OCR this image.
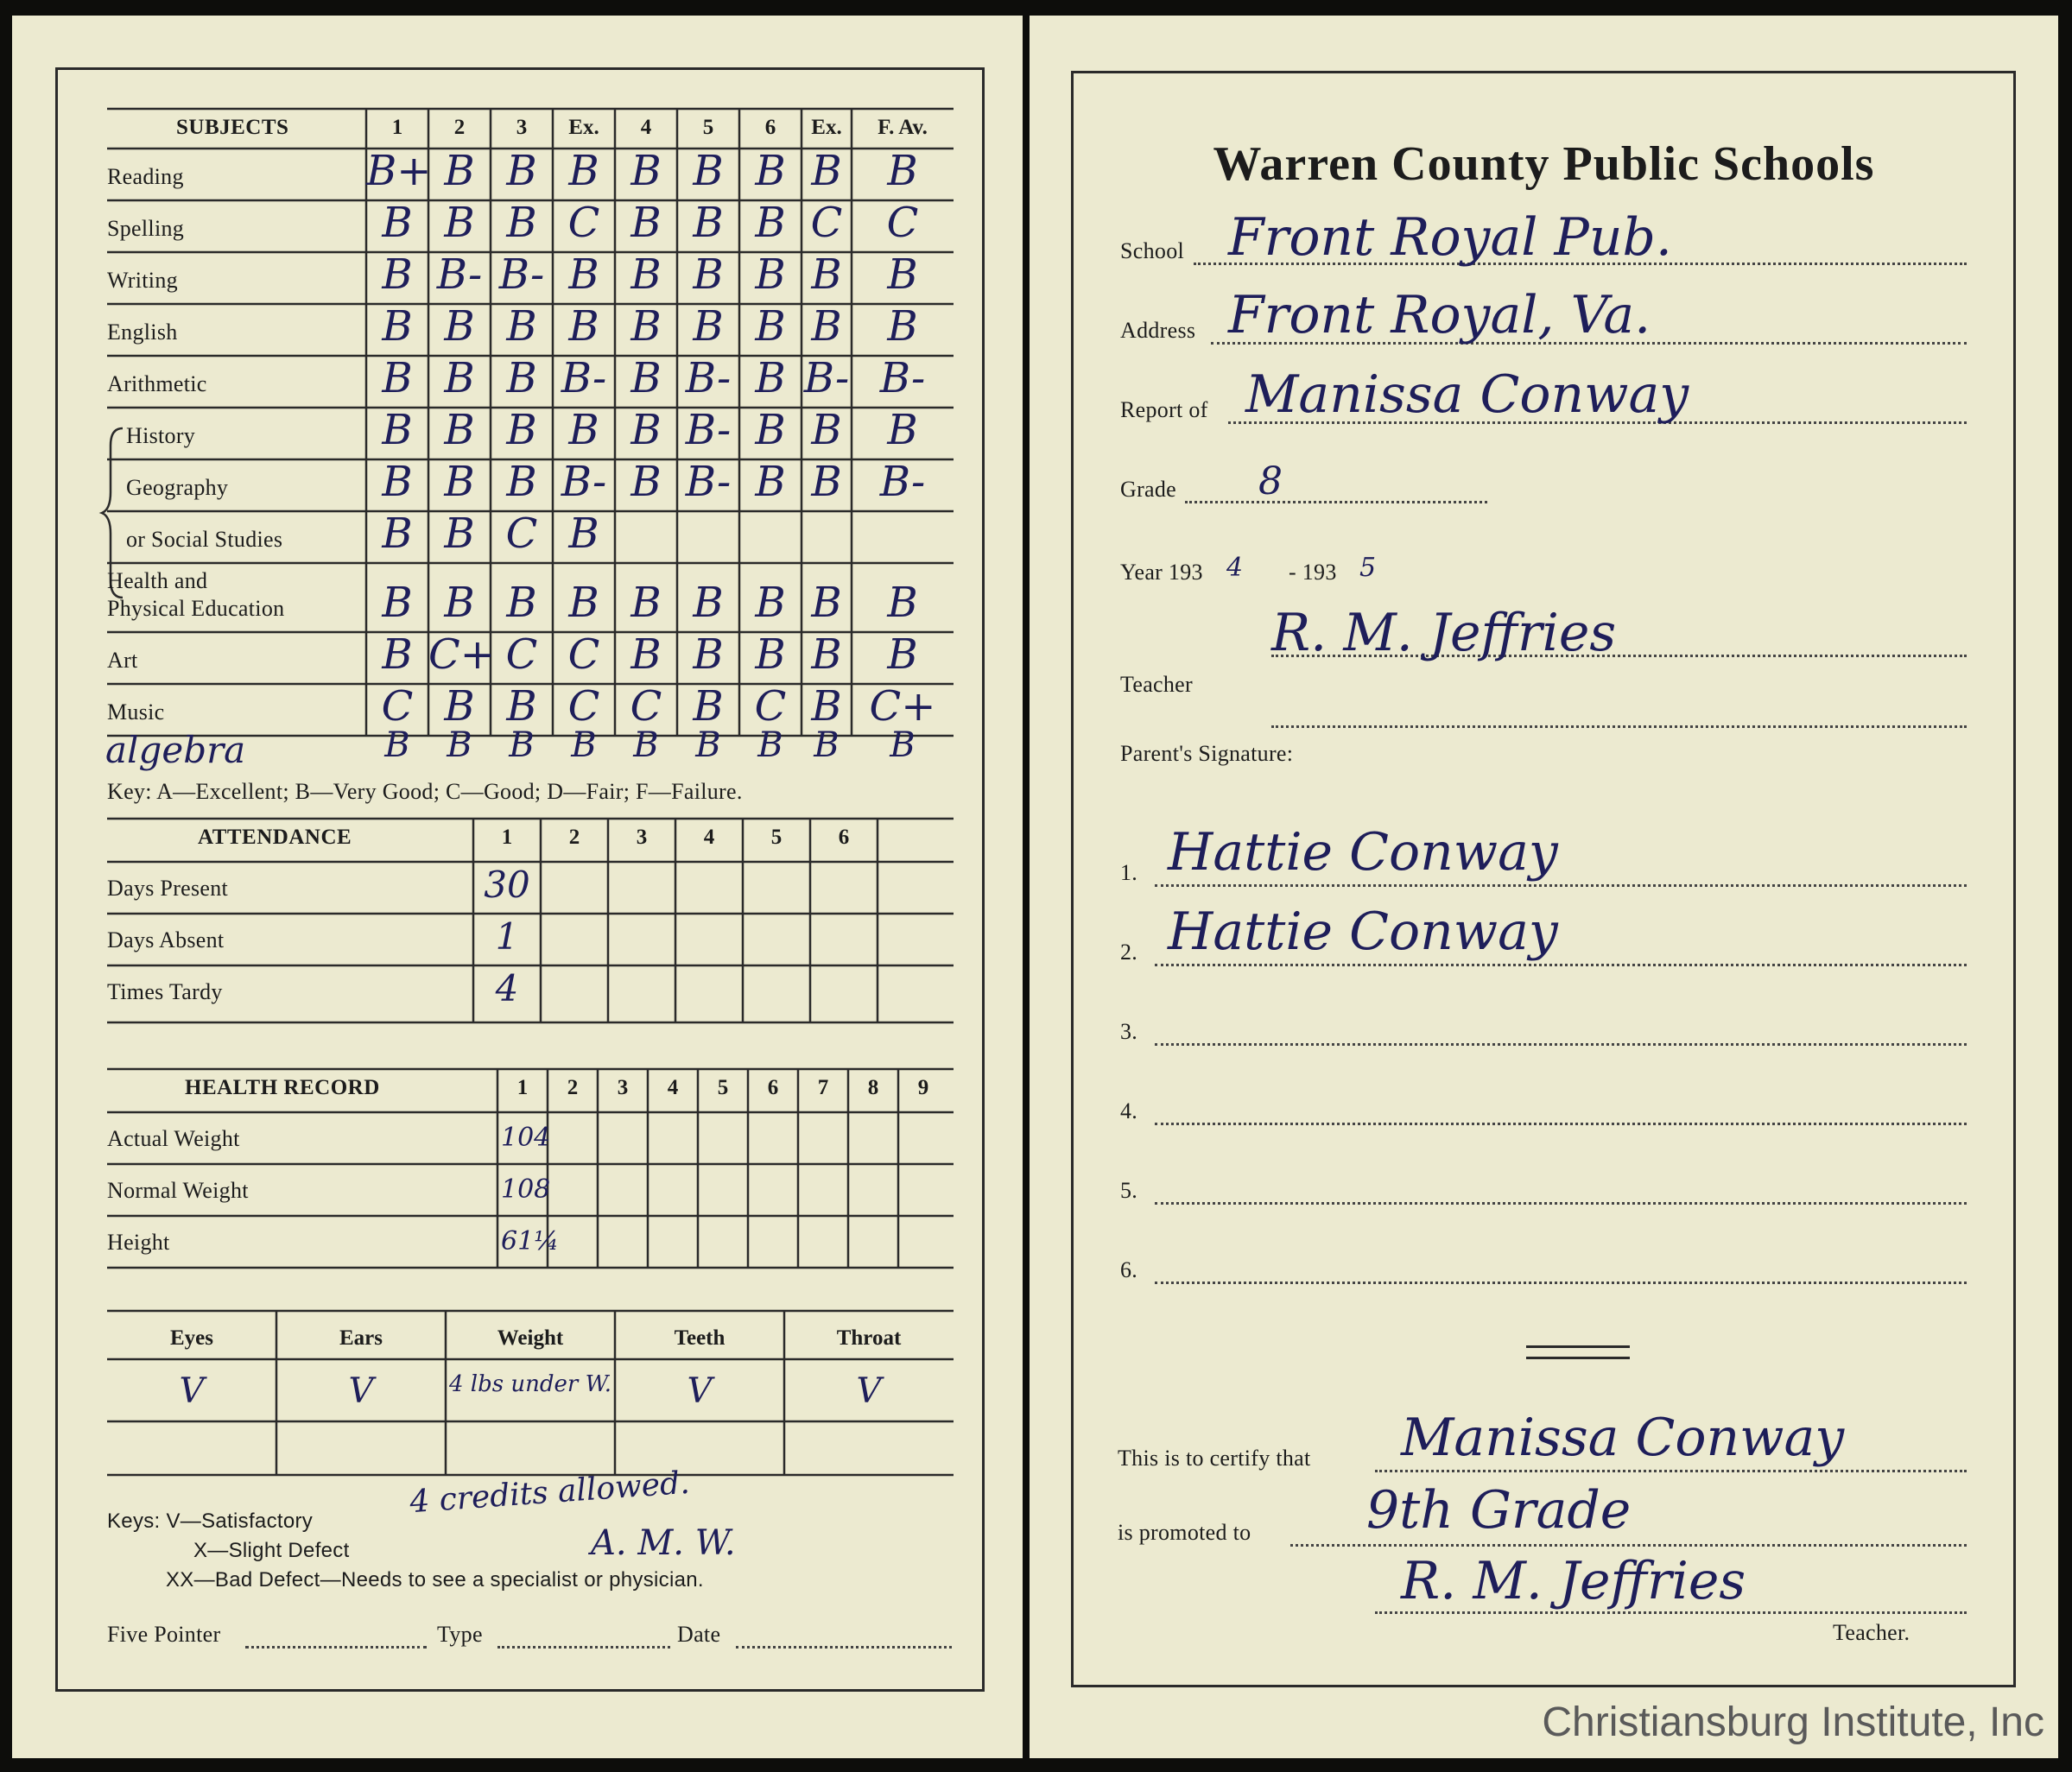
SUBJECTS	1	2	3	Ex.	4	5	6	Ex.	F. Av.
Reading	B+ B B B B B B B	B
Spelling	B B B C B B B C	C
Writing	B B- B- B B B B B	B
English	B B B B B B B B	B
Arithmetic	B B B B- B B- B B- B-
History	B B B B B B- B B	B
Geography	B B B B- B B- B B B-
or Social Studies	B B C B
Health and
Physical Education	B B B B B B B B	B
Art	B C+ C C B B B B	B
Music	C B B C C B C B C+
algebra	B	B	B	B	B	B	B B	B
Key: A—Excellent; B—Very Good; C—Good; D—Fair; F—Failure.
ATTENDANCE	1	2	3	4	5	6
Days Present	30
Days Absent	1
Times Tardy	4
HEALTH RECORD	1	2	3	4	5	6	7	8	9
Actual Weight	104
Normal Weight	108
Height	61¼
Eyes	Ears	Weight	Teeth	Throat
V	V	4 lbs under W.	V	V
4 credits allowed.
A. M. W.
Keys: V—Satisfactory
X—Slight Defect
XX—Bad Defect—Needs to see a specialist or physician.
Five Pointer	Type	Date
Warren County Public Schools
School Front Royal Pub.
Address Front Royal, Va.
Report of Manissa Conway
Grade 8
Year 193 4 - 193 5
Teacher
R. M. Jeffries
Parent's Signature:
1. Hattie Conway
2. Hattie Conway
3.
4.
5.
6.
This is to certify that Manissa Conway
is promoted to 9th Grade
R. M. Jeffries
Teacher.
Christiansburg Institute, Inc
